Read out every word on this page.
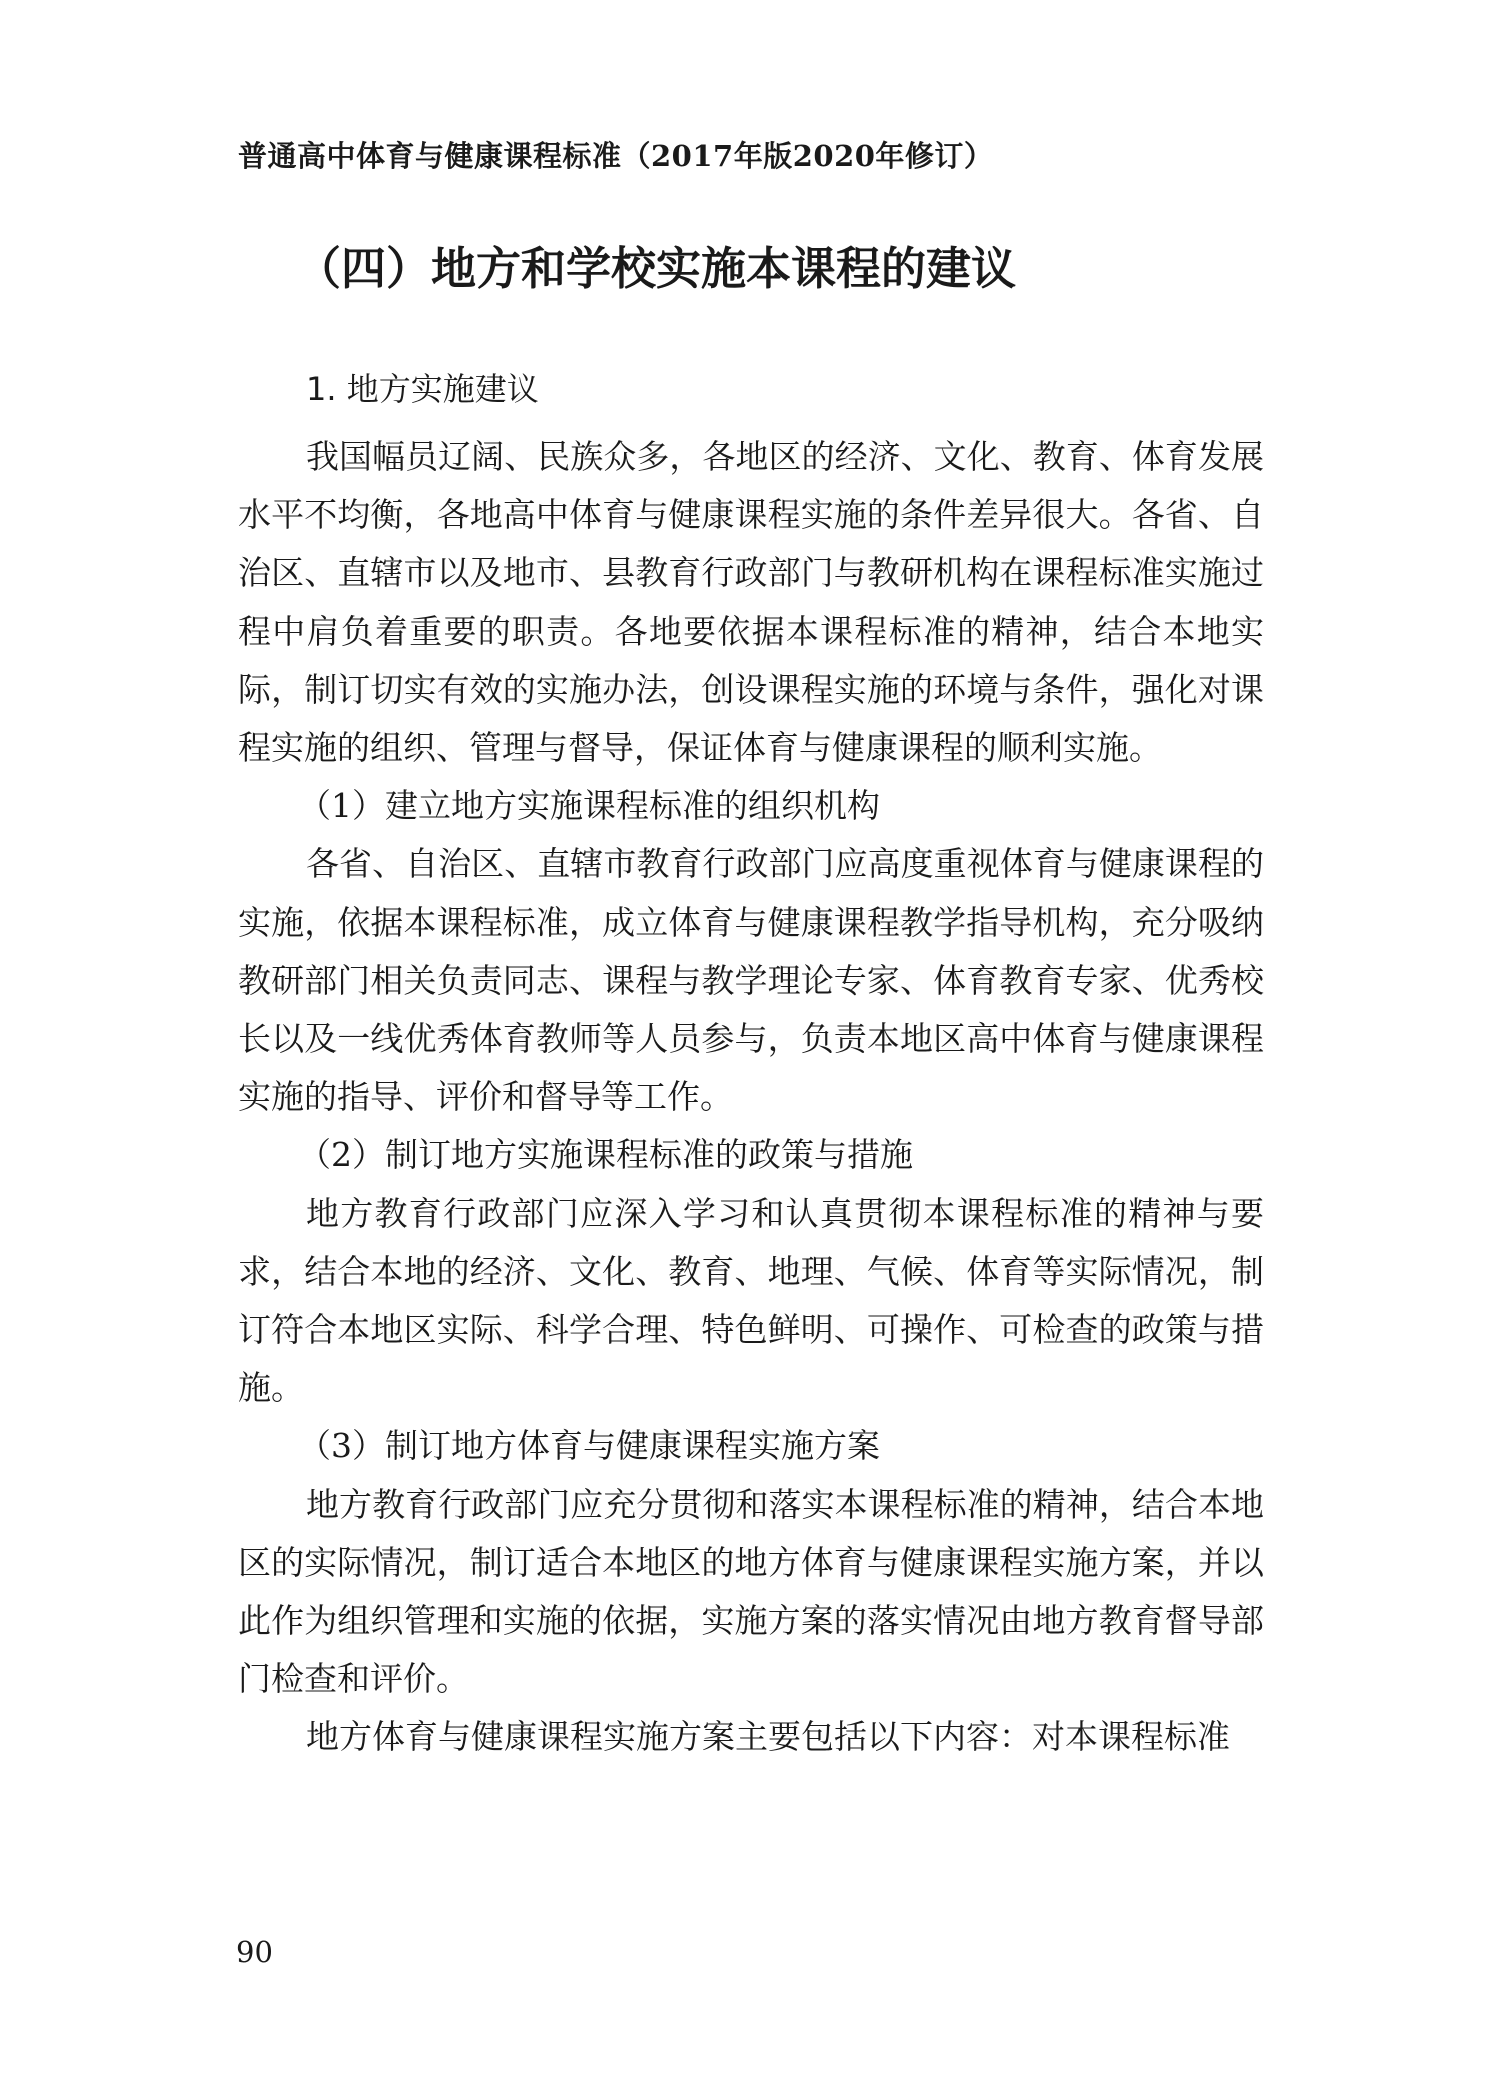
普通高中体育与健康课程标准（2017年版2020年修订）
（四）地方和学校实施本课程的建议
1. 地方实施建议

我国幅员辽阔、民族众多，各地区的经济、文化、教育、体育发展水平不均衡，各地高中体育与健康课程实施的条件差异很大。各省、自治区、直辖市以及地市、县教育行政部门与教研机构在课程标准实施过程中肩负着重要的职责。各地要依据本课程标准的精神，结合本地实际，制订切实有效的实施办法，创设课程实施的环境与条件，强化对课程实施的组织、管理与督导，保证体育与健康课程的顺利实施。

（1）建立地方实施课程标准的组织机构

各省、自治区、直辖市教育行政部门应高度重视体育与健康课程的实施，依据本课程标准，成立体育与健康课程教学指导机构，充分吸纳教研部门相关负责同志、课程与教学理论专家、体育教育专家、优秀校长以及一线优秀体育教师等人员参与，负责本地区高中体育与健康课程实施的指导、评价和督导等工作。

（2）制订地方实施课程标准的政策与措施

地方教育行政部门应深入学习和认真贯彻本课程标准的精神与要求，结合本地的经济、文化、教育、地理、气候、体育等实际情况，制订符合本地区实际、科学合理、特色鲜明、可操作、可检查的政策与措施。

（3）制订地方体育与健康课程实施方案

地方教育行政部门应充分贯彻和落实本课程标准的精神，结合本地区的实际情况，制订适合本地区的地方体育与健康课程实施方案，并以此作为组织管理和实施的依据，实施方案的落实情况由地方教育督导部门检查和评价。

地方体育与健康课程实施方案主要包括以下内容：对本课程标准

90
